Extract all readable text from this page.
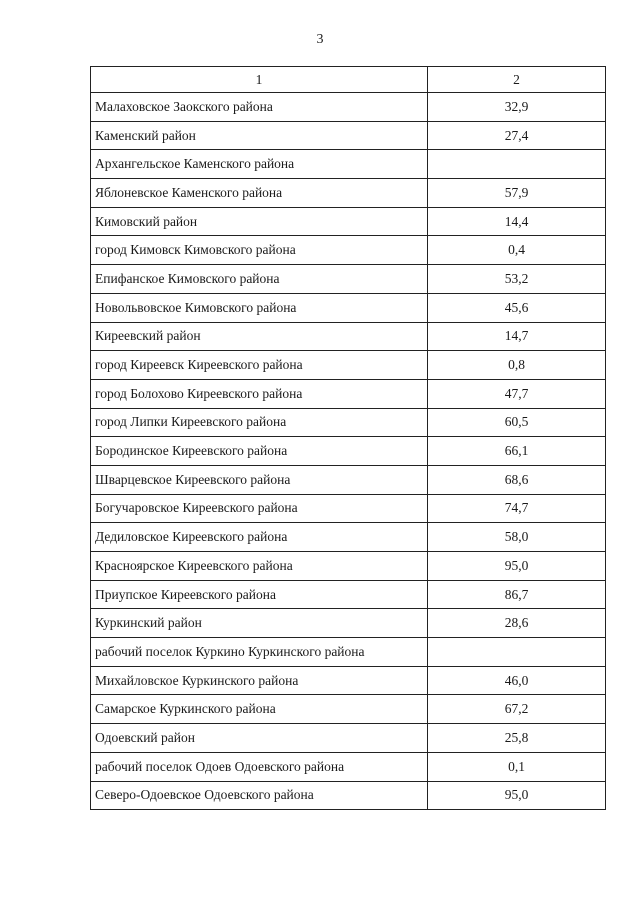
3
1	2
Малаховское Заокского района	32,9
Каменский район	27,4
Архангельское Каменского района	
Яблоневское Каменского района	57,9
Кимовский район	14,4
город Кимовск Кимовского района	0,4
Епифанское Кимовского района	53,2
Новольвовское Кимовского района	45,6
Киреевский район	14,7
город Киреевск Киреевского района	0,8
город Болохово Киреевского района	47,7
город Липки Киреевского района	60,5
Бородинское Киреевского района	66,1
Шварцевское Киреевского района	68,6
Богучаровское Киреевского района	74,7
Дедиловское Киреевского района	58,0
Красноярское Киреевского района	95,0
Приупское Киреевского района	86,7
Куркинский район	28,6
рабочий поселок Куркино Куркинского района	
Михайловское Куркинского района	46,0
Самарское Куркинского района	67,2
Одоевский район	25,8
рабочий поселок Одоев Одоевского района	0,1
Северо-Одоевское Одоевского района	95,0
